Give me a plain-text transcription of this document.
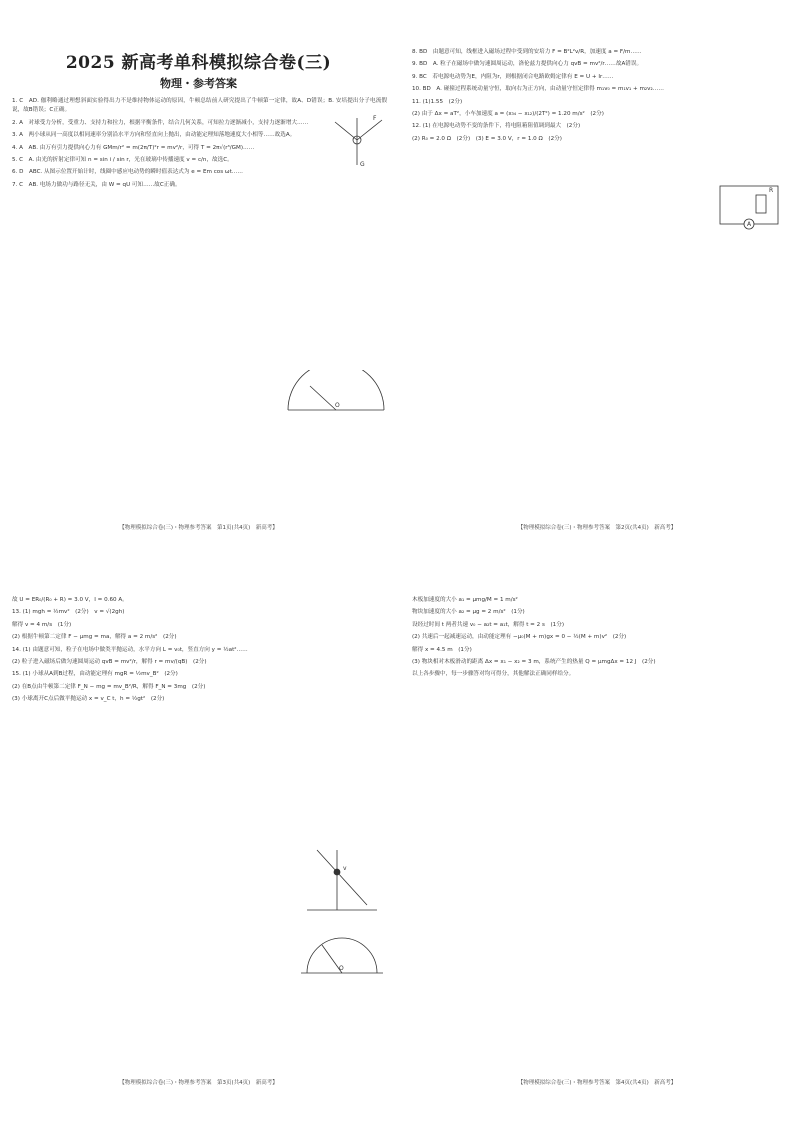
2025 新高考单科模拟综合卷(三)
物理・参考答案
1. C　AD. 伽利略通过理想斜面实验得出力不是维持物体运动的原因，牛顿总结前人研究提出了牛顿第一定律，故A、D错误；B. 安培提出分子电流假说，故B错误；C正确。
2. A　对球受力分析，受重力、支持力和拉力，根据平衡条件，结合几何关系，可知拉力逐渐减小，支持力逐渐增大……
3. A　两小球从同一高度以相同速率分别沿水平方向和竖直向上抛出，由动能定理知落地速度大小相等……故选A。
4. A　AB. 由万有引力提供向心力有 GMm/r² = m(2π/T)²r = mv²/r，可得 T = 2π√(r³/GM)……
5. C　A. 由光的折射定律可知 n = sin i / sin r，光在玻璃中传播速度 v = c/n，故选C。
6. D　ABC. 从图示位置开始计时，线圈中感应电动势的瞬时值表达式为 e = Em cos ωt……
7. C　AB. 电场力做功与路径无关，由 W = qU 可知……故C正确。
F
G
O
【物理模拟综合卷(三)・物理参考答案　第1页(共4页)　新高考】
8. BD　由题意可知，线框进入磁场过程中受到的安培力 F = B²L²v/R，加速度 a = F/m……
9. BD　A. 粒子在磁场中做匀速圆周运动，洛伦兹力提供向心力 qvB = mv²/r……故A错误。
9. BC　若电源电动势为E，内阻为r，则根据闭合电路欧姆定律有 E = U + Ir……
10. BD　A. 碰撞过程系统动量守恒，取向右为正方向，由动量守恒定律得 m₁v₀ = m₁v₁ + m₂v₂……
11. (1)1.55　(2分)
(2) 由于 Δx = aT²，小车加速度 a = (x₃₄ − x₁₂)/(2T²) = 1.20 m/s²　(2分)
12. (1) 在电源电动势不变的条件下，将电阻箱阻值调到最大　(2分)
(2) R₀ = 2.0 Ω　(2分)　(3) E = 3.0 V，r = 1.0 Ω　(2分)
A
R
【物理模拟综合卷(三)・物理参考答案　第2页(共4页)　新高考】
故 U = ER₀/(R₀ + R) = 3.0 V，I = 0.60 A。
13. (1) mgh = ½mv²　(2分)　v = √(2gh)
解得 v = 4 m/s　(1分)
(2) 根据牛顿第二定律 F − μmg = ma，解得 a = 2 m/s²　(2分)
14. (1) 由题意可知，粒子在电场中做类平抛运动，水平方向 L = v₀t，竖直方向 y = ½at²……
(2) 粒子进入磁场后做匀速圆周运动 qvB = mv²/r，解得 r = mv/(qB)　(2分)
15. (1) 小球从A到B过程，由动能定理有 mgR = ½mv_B²　(2分)
(2) 在B点由牛顿第二定律 F_N − mg = mv_B²/R，解得 F_N = 3mg　(2分)
(3) 小球离开C点后做平抛运动 x = v_C t，h = ½gt²　(2分)
v
O
【物理模拟综合卷(三)・物理参考答案　第3页(共4页)　新高考】
木板加速度的大小 a₁ = μmg/M = 1 m/s²
物块加速度的大小 a₂ = μg = 2 m/s²　(1分)
设经过时间 t 两者共速 v₀ − a₂t = a₁t，解得 t = 2 s　(1分)
(2) 共速后一起减速运动，由动能定理有 −μ₀(M + m)gx = 0 − ½(M + m)v²　(2分)
解得 x = 4.5 m　(1分)
(3) 物块相对木板滑动的距离 Δx = x₁ − x₂ = 3 m，系统产生的热量 Q = μmgΔx = 12 J　(2分)
以上各步骤中，每一步骤答对均可得分，其他解法正确同样给分。
【物理模拟综合卷(三)・物理参考答案　第4页(共4页)　新高考】
